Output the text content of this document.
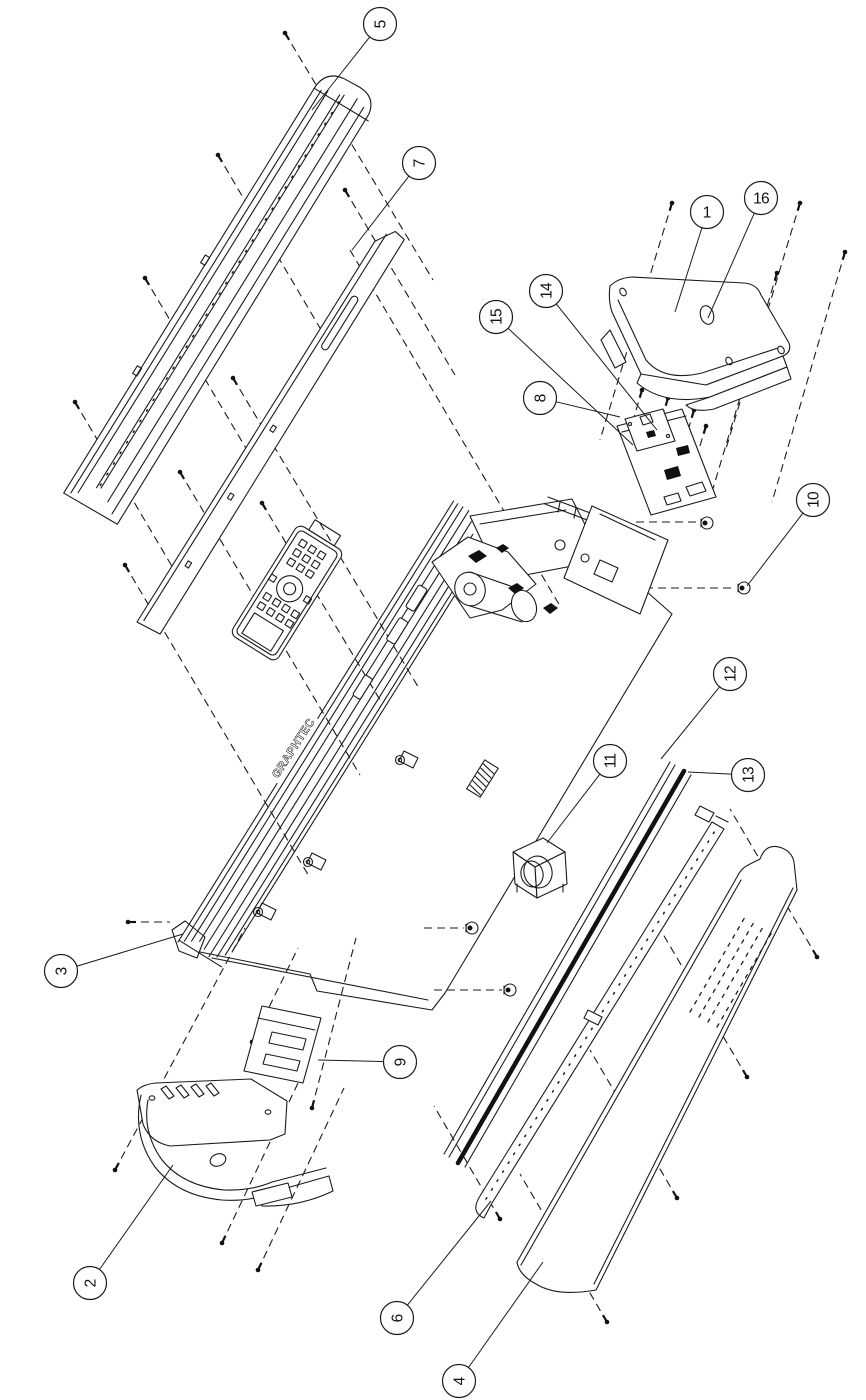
GRAPHTEC
1
2
3
4
5
6
7
8
9
10
11
12
13
14
15
16
